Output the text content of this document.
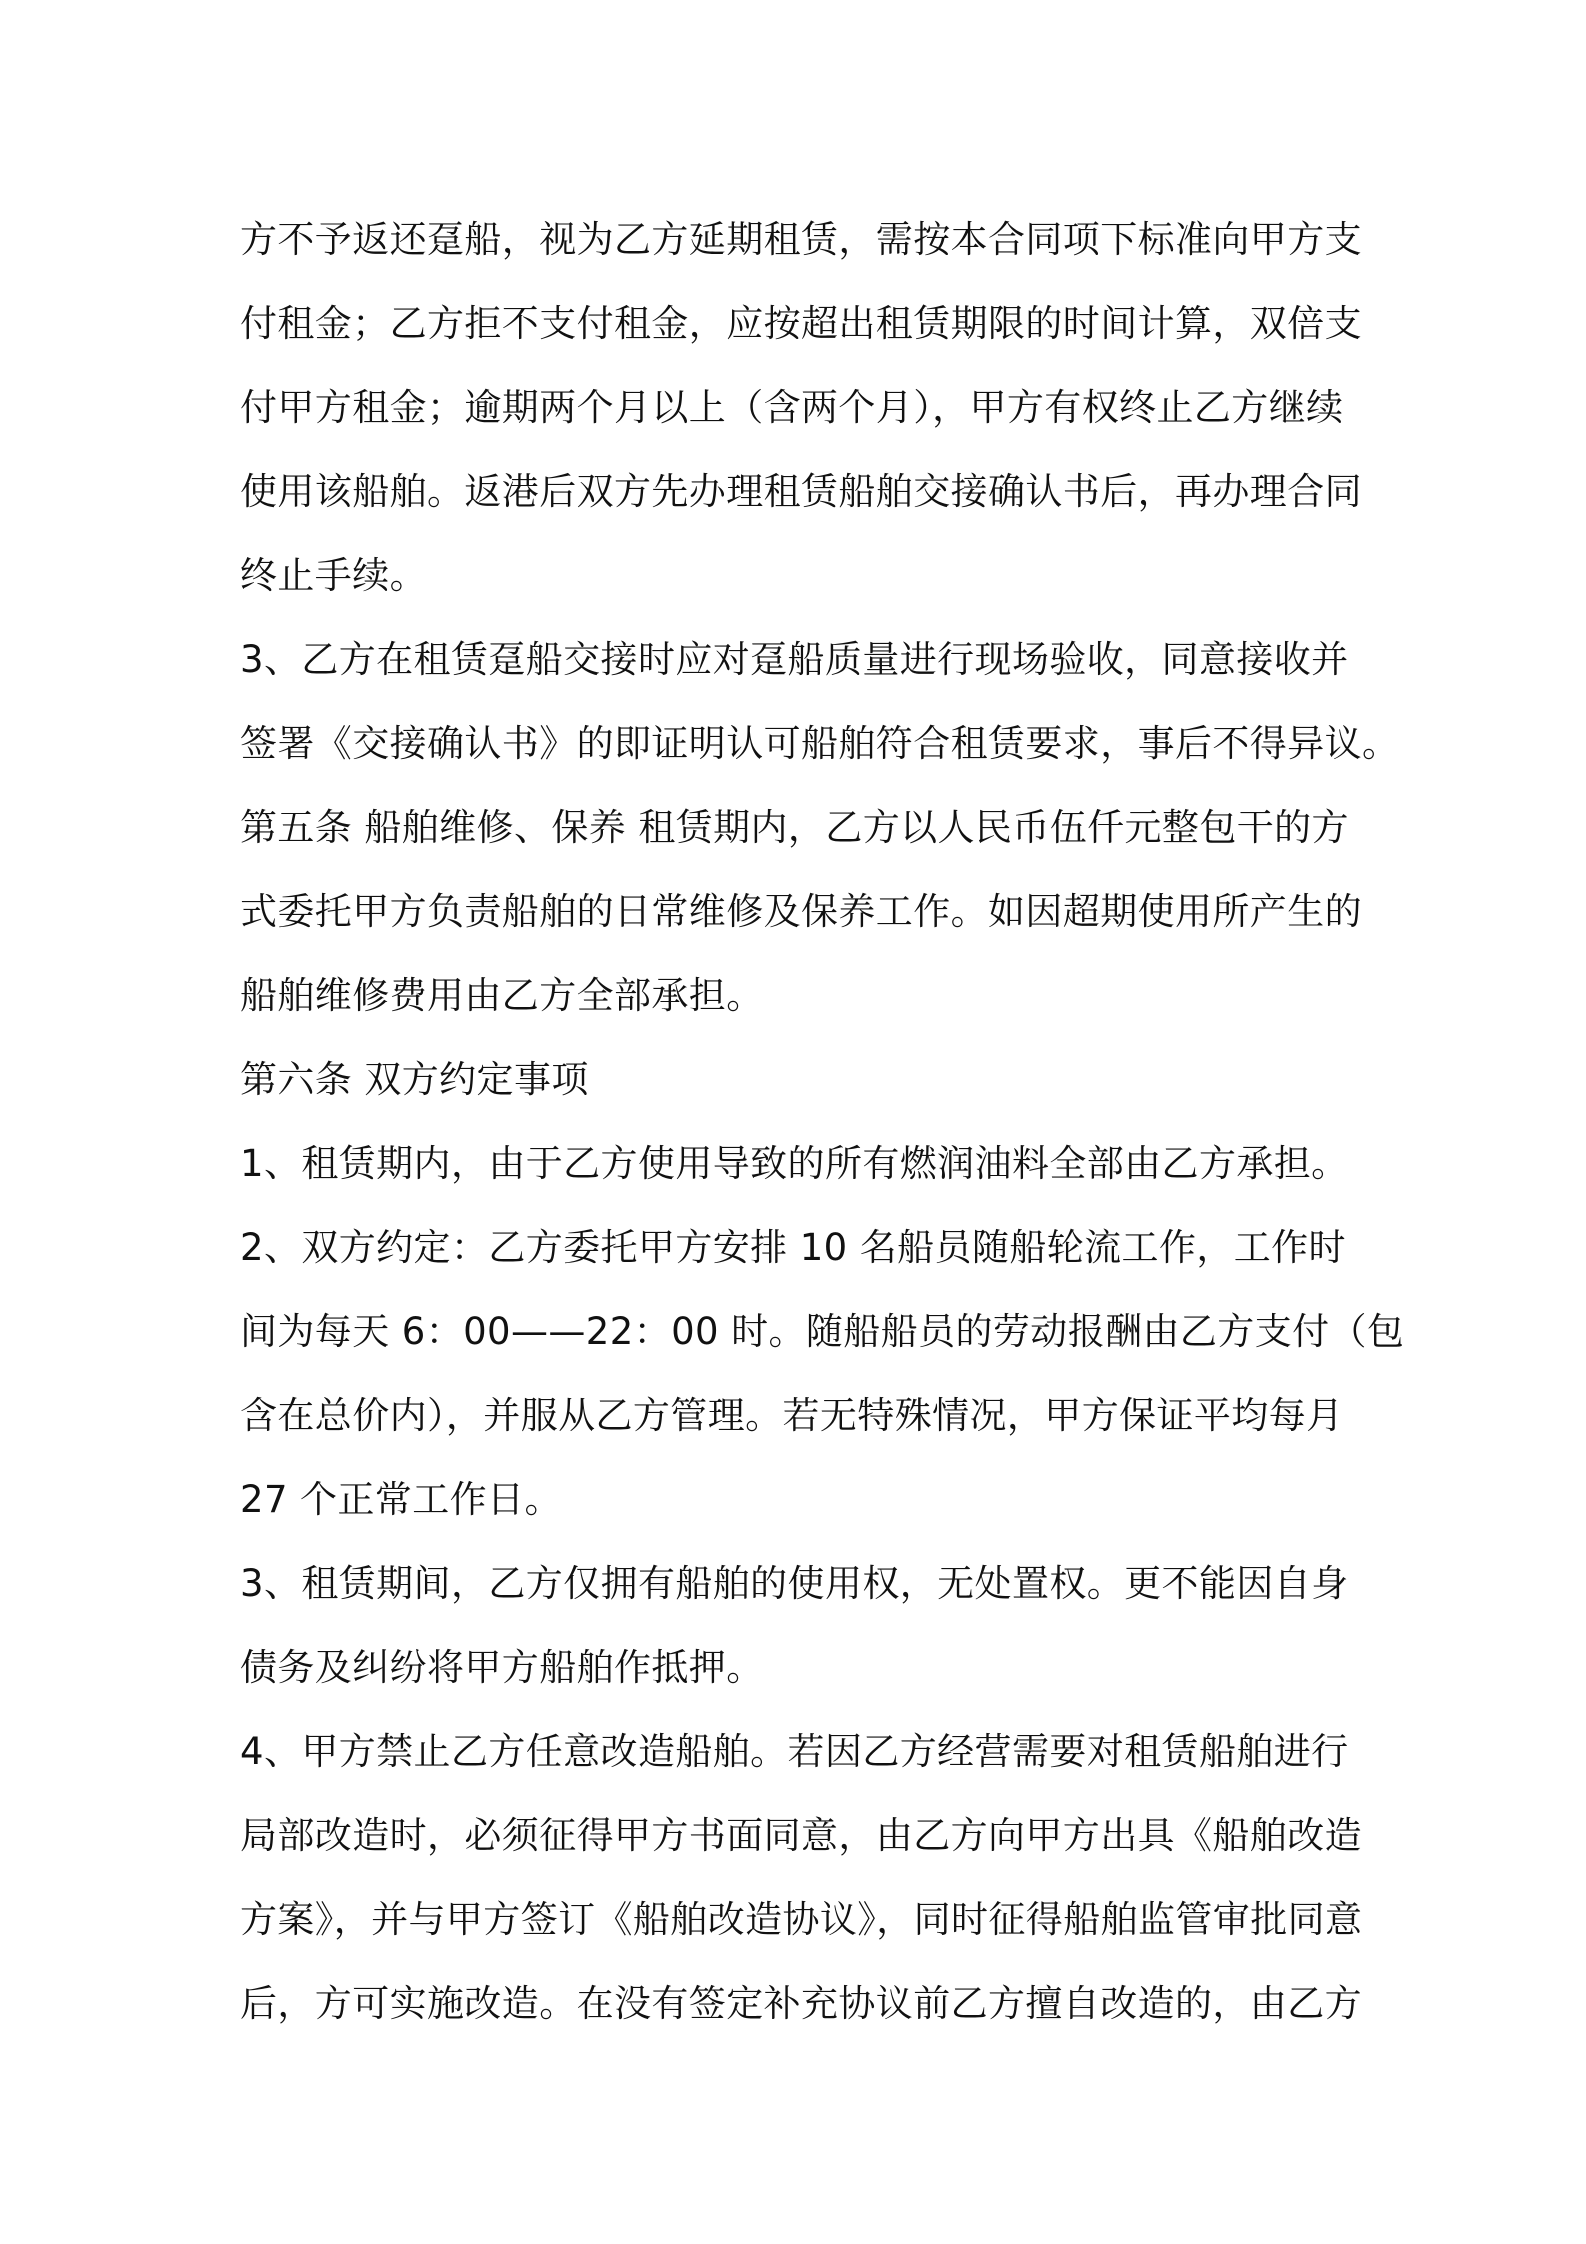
方不予返还趸船，视为乙方延期租赁，需按本合同项下标准向甲方支
付租金；乙方拒不支付租金，应按超出租赁期限的时间计算，双倍支
付甲方租金；逾期两个月以上（含两个月），甲方有权终止乙方继续
使用该船舶。返港后双方先办理租赁船舶交接确认书后，再办理合同
终止手续。
3、乙方在租赁趸船交接时应对趸船质量进行现场验收，同意接收并
签署《交接确认书》的即证明认可船舶符合租赁要求，事后不得异议。
第五条 船舶维修、保养 租赁期内，乙方以人民币伍仟元整包干的方
式委托甲方负责船舶的日常维修及保养工作。如因超期使用所产生的
船舶维修费用由乙方全部承担。
第六条 双方约定事项
1、租赁期内，由于乙方使用导致的所有燃润油料全部由乙方承担。
2、双方约定：乙方委托甲方安排 10 名船员随船轮流工作，工作时
间为每天 6：00——22：00 时。随船船员的劳动报酬由乙方支付（包
含在总价内），并服从乙方管理。若无特殊情况，甲方保证平均每月
27 个正常工作日。
3、租赁期间，乙方仅拥有船舶的使用权，无处置权。更不能因自身
债务及纠纷将甲方船舶作抵押。
4、甲方禁止乙方任意改造船舶。若因乙方经营需要对租赁船舶进行
局部改造时，必须征得甲方书面同意，由乙方向甲方出具《船舶改造
方案》，并与甲方签订《船舶改造协议》，同时征得船舶监管审批同意
后，方可实施改造。在没有签定补充协议前乙方擅自改造的，由乙方
